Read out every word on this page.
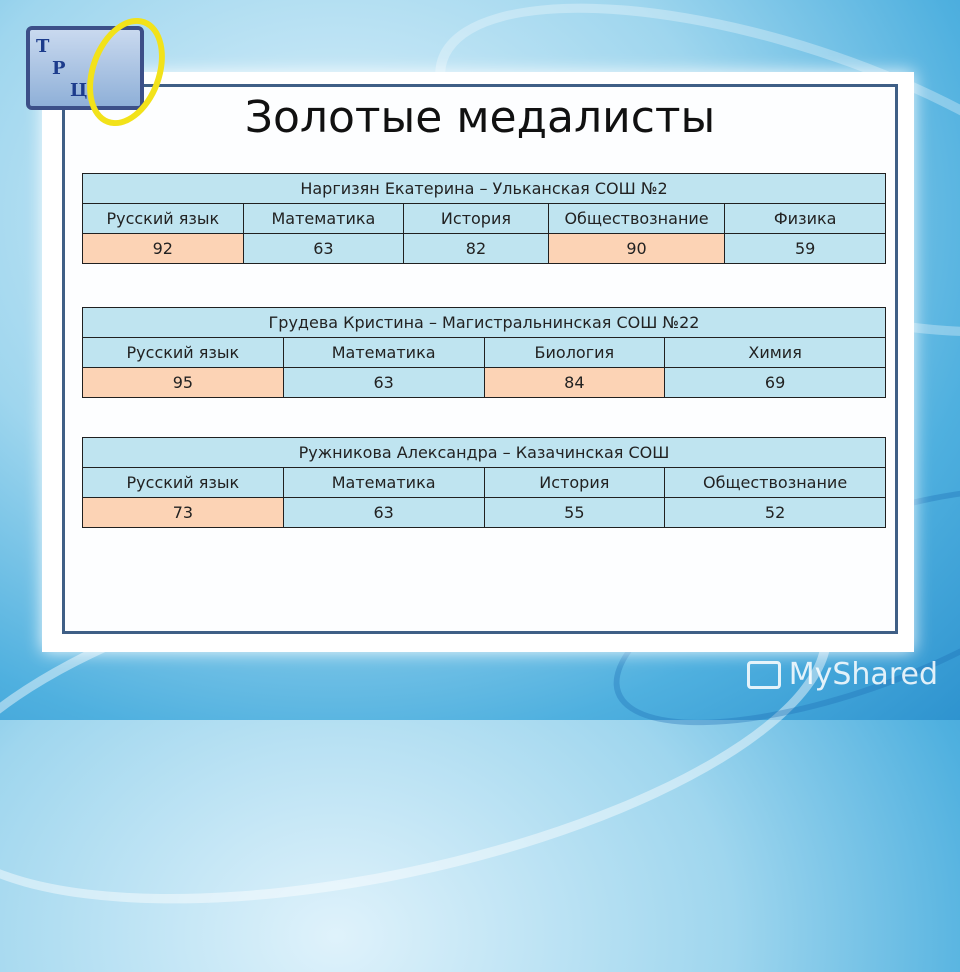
Т
Р
Ц
Золотые медалисты
Наргизян Екатерина – Ульканская СОШ №2				
Русский язык	Математика	История	Обществознание	Физика
92	63	82	90	59
Грудева Кристина – Магистральнинская СОШ №22			
Русский язык	Математика	Биология	Химия
95	63	84	69
Ружникова Александра – Казачинская СОШ			
Русский язык	Математика	История	Обществознание
73	63	55	52
MyShared
